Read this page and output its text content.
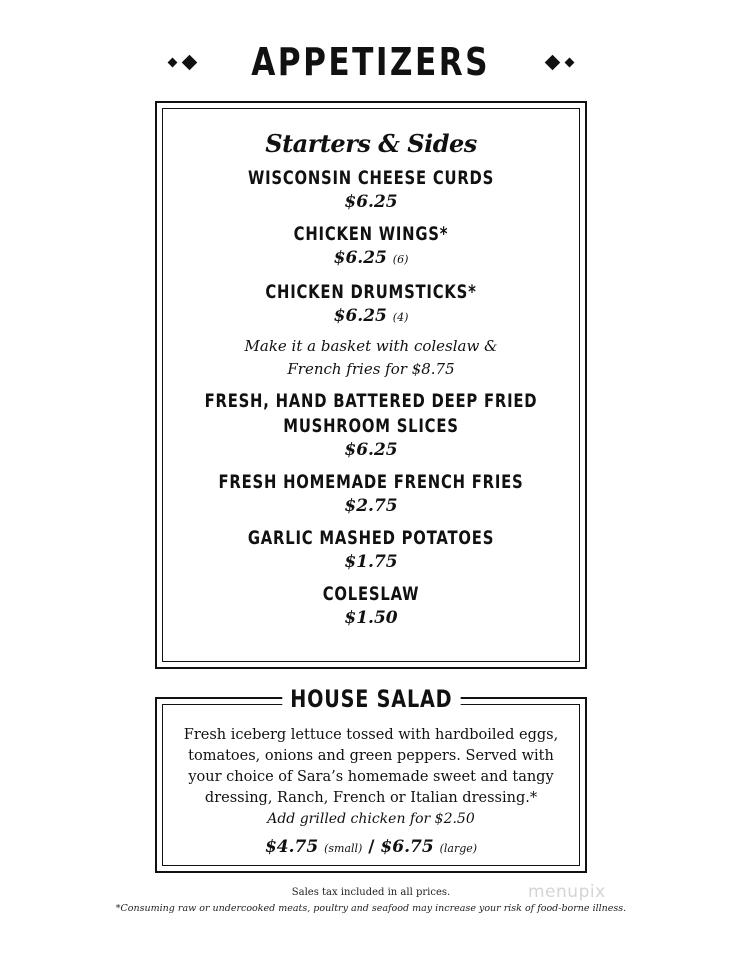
APPETIZERS
Starters & Sides
WISCONSIN CHEESE CURDS
$6.25
CHICKEN WINGS*
$6.25 (6)
CHICKEN DRUMSTICKS*
$6.25 (4)
Make it a basket with coleslaw &
French fries for $8.75
FRESH, HAND BATTERED DEEP FRIED
MUSHROOM SLICES
$6.25
FRESH HOMEMADE FRENCH FRIES
$2.75
GARLIC MASHED POTATOES
$1.75
COLESLAW
$1.50
HOUSE SALAD
Fresh iceberg lettuce tossed with hardboiled eggs,
tomatoes, onions and green peppers. Served with
your choice of Sara’s homemade sweet and tangy
dressing, Ranch, French or Italian dressing.*
Add grilled chicken for $2.50
$4.75 (small) / $6.75 (large)
Sales tax included in all prices.
*Consuming raw or undercooked meats, poultry and seafood may increase your risk of food-borne illness.
menupix
